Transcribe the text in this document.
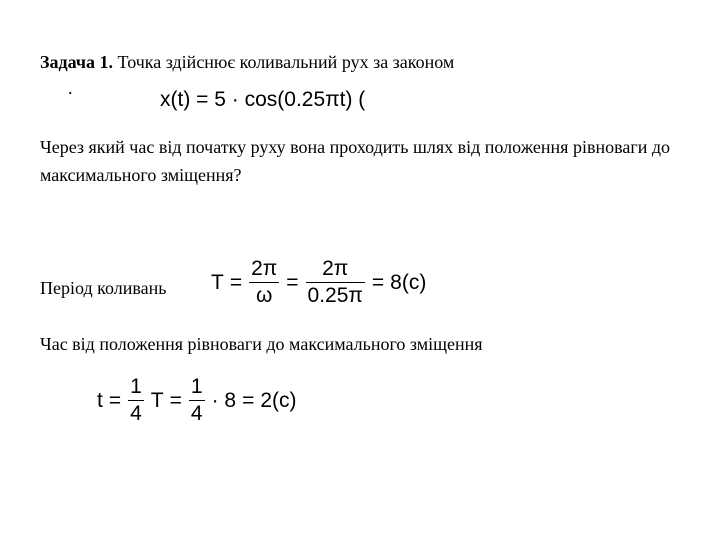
Задача 1. Точка здійснює коливальний рух за законом
.	x(t) = 5 · cos(0.25πt) (
Через який час від початку руху вона проходить шлях від положення рівноваги до максимального зміщення?
Період коливань $T = \frac{2\pi}{\omega} = \frac{2\pi}{0.25\pi} = 8(c)$
Час від положення рівноваги до максимального зміщення
$t = \frac{1}{4}$ $T = \frac{1}{4} \cdot 8 = 2(c)$
